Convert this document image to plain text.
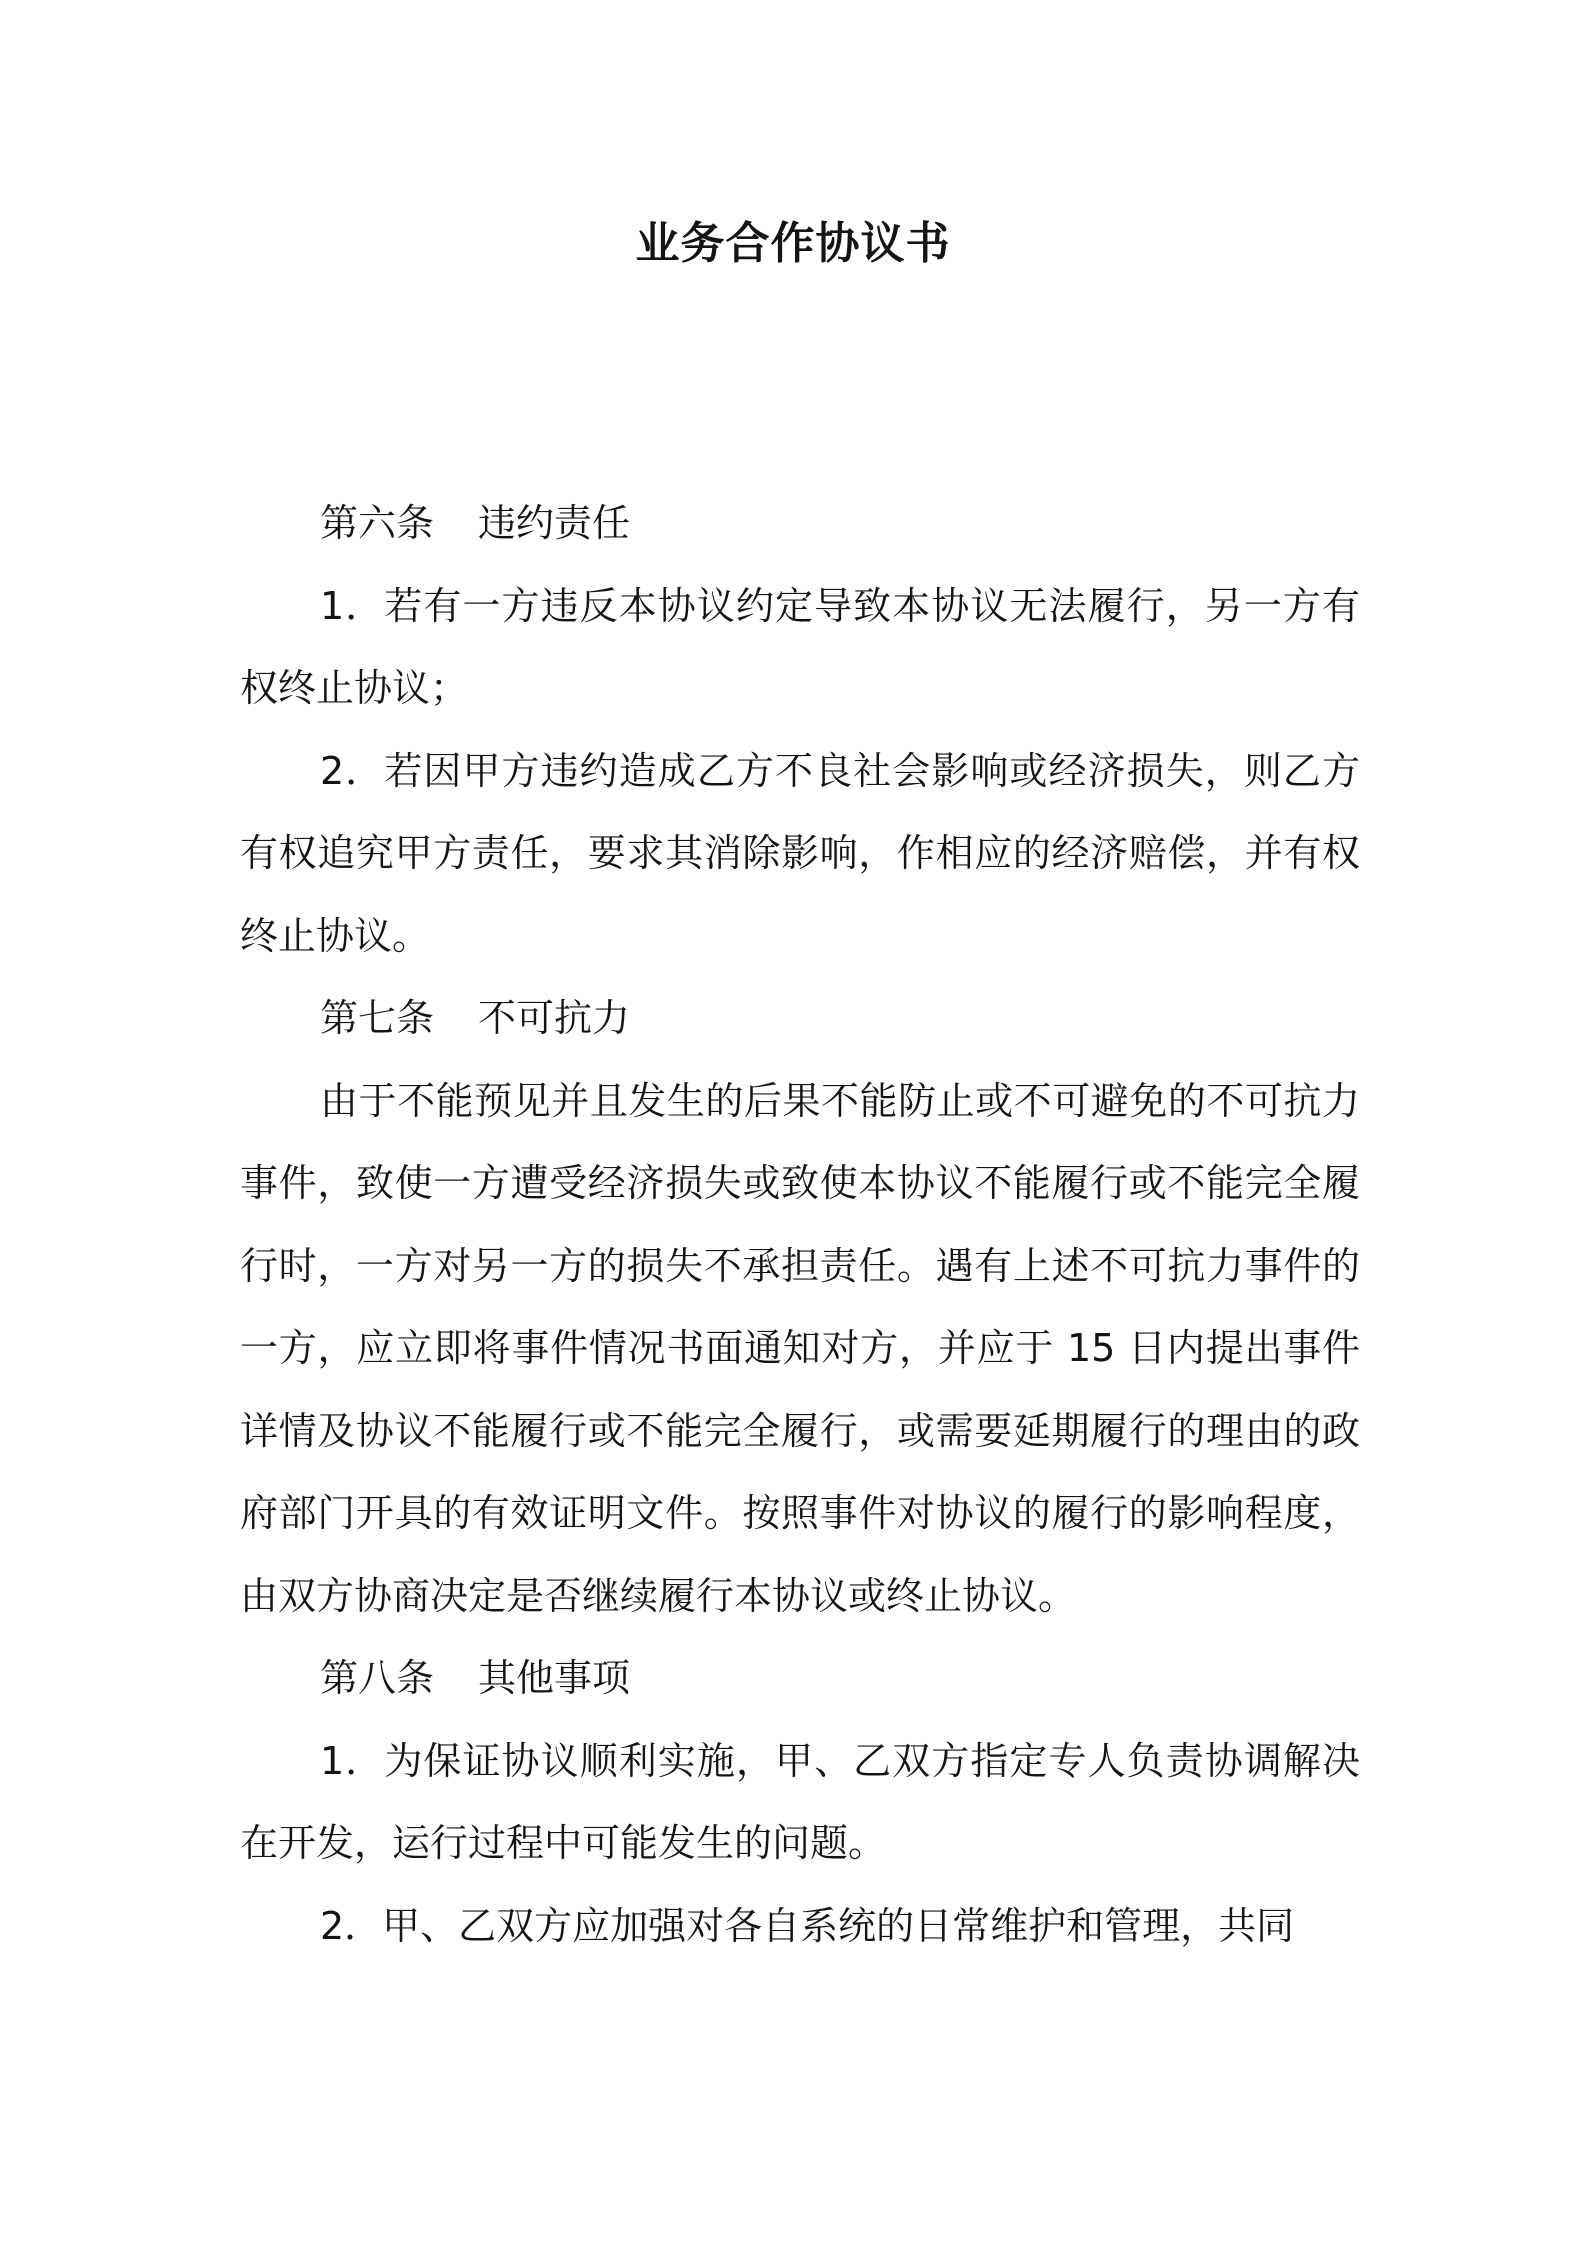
业务合作协议书

第六条 违约责任

1．若有一方违反本协议约定导致本协议无法履行，另一方有权终止协议；

2．若因甲方违约造成乙方不良社会影响或经济损失，则乙方有权追究甲方责任，要求其消除影响，作相应的经济赔偿，并有权终止协议。

第七条 不可抗力

由于不能预见并且发生的后果不能防止或不可避免的不可抗力事件，致使一方遭受经济损失或致使本协议不能履行或不能完全履行时，一方对另一方的损失不承担责任。遇有上述不可抗力事件的一方，应立即将事件情况书面通知对方，并应于 15 日内提出事件详情及协议不能履行或不能完全履行，或需要延期履行的理由的政府部门开具的有效证明文件。按照事件对协议的履行的影响程度，由双方协商决定是否继续履行本协议或终止协议。

第八条 其他事项

1．为保证协议顺利实施，甲、乙双方指定专人负责协调解决在开发，运行过程中可能发生的问题。

2．甲、乙双方应加强对各自系统的日常维护和管理，共同
